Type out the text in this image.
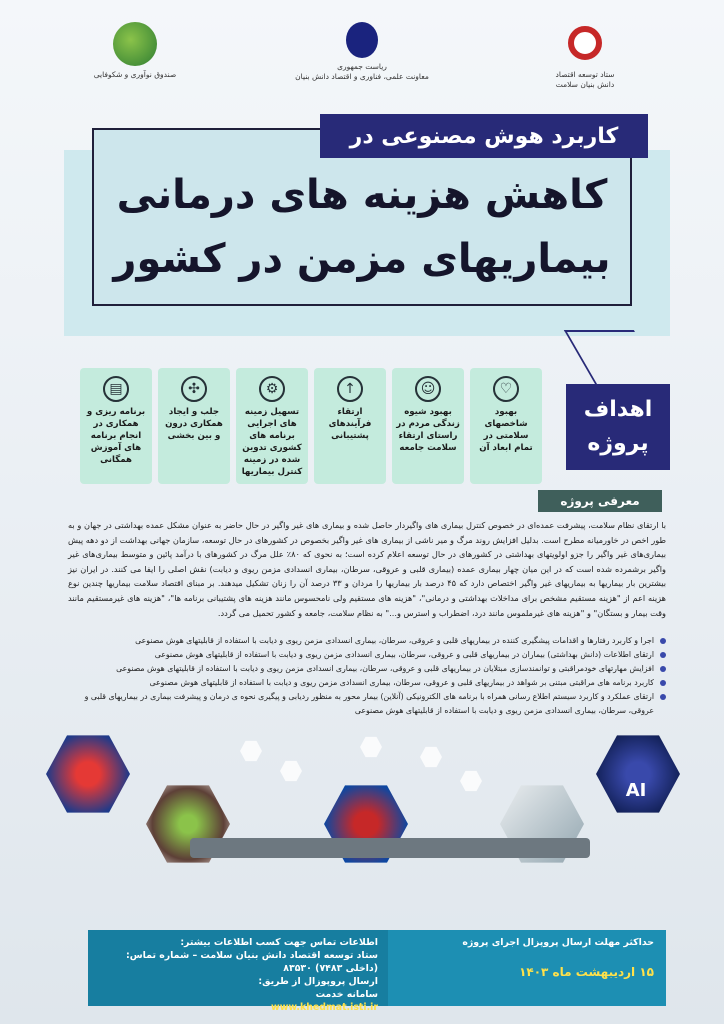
صندوق نوآوری و شکوفایی
ریاست جمهوری
معاونت علمی، فناوری و اقتصاد دانش بنیان	ستاد توسعه اقتصاد
دانش بنیان سلامت
کاربرد هوش مصنوعی در
کاهش هزینه های درمانی
بیماریهای مزمن در کشور
اهداف
پروژه
♡
بهبود شاخصهای سلامتی در تمام ابعاد آن
☺
بهبود شیوه زندگی مردم در راستای ارتقاء سلامت جامعه
↑
ارتقاء فرآیندهای پشتیبانی
⚙
تسهیل زمینه های اجرایی برنامه های کشوری تدوین شده در زمینه کنترل بیماریها
✣
جلب و ایجاد همکاری درون و بین بخشی
▤
برنامه ریزی و همکاری در انجام برنامه های آموزش همگانی
معرفی پروژه

با ارتقای نظام سلامت، پیشرفت عمده‌ای در خصوص کنترل بیماری های واگیردار حاصل شده و بیماری های غیر واگیر در حال حاضر به عنوان مشکل عمده بهداشتی در جهان و به طور اخص در خاورمیانه مطرح است. بدلیل افزایش روند مرگ و میر ناشی از بیماری های غیر واگیر بخصوص در کشورهای در حال توسعه، سازمان جهانی بهداشت از دو دهه پیش بیماری‌های غیر واگیر را جزو اولویتهای بهداشتی در کشورهای در حال توسعه اعلام کرده است؛ به نحوی که ۸۰٪ علل مرگ در کشورهای با درآمد پائین و متوسط بیماری‌های غیر واگیر برشمرده شده است که در این میان چهار بیماری عمده (بیماری قلبی و عروقی، سرطان، بیماری انسدادی مزمن ریوی و دیابت) نقش اصلی را ایفا می کنند. در ایران نیز بیشترین بار بیماریها به بیماریهای غیر واگیر اختصاص دارد که ۴۵ درصد بار بیماریها را مردان و ۳۳ درصد آن را زنان تشکیل میدهند. بر مبنای اقتصاد سلامت بیماریها چندین نوع هزینه اعم از "هزینه مستقیم مشخص برای مداخلات بهداشتی و درمانی"، "هزینه های مستقیم ولی نامحسوس مانند هزینه های پشتیبانی برنامه ها"، "هزینه های غیرمستقیم مانند وقت بیمار و بستگان" و "هزینه های غیرملموس مانند درد، اضطراب و استرس و..." به نظام سلامت، جامعه و کشور تحمیل می گردد.

اجرا و کاربرد رفتارها و اقدامات پیشگیری کننده در بیماریهای قلبی و عروقی، سرطان، بیماری انسدادی مزمن ریوی و دیابت با استفاده از قابلیتهای هوش مصنوعی
ارتقای اطلاعات (دانش بهداشتی) بیماران در بیماریهای قلبی و عروقی، سرطان، بیماری انسدادی مزمن ریوی و دیابت با استفاده از قابلیتهای هوش مصنوعی
افزایش مهارتهای خودمراقبتی و توانمندسازی مبتلایان در بیماریهای قلبی و عروقی، سرطان، بیماری انسدادی مزمن ریوی و دیابت با استفاده از قابلیتهای هوش مصنوعی
کاربرد برنامه های مراقبتی مبتنی بر شواهد در بیماریهای قلبی و عروقی، سرطان، بیماری انسدادی مزمن ریوی و دیابت با استفاده از قابلیتهای هوش مصنوعی
ارتقای عملکرد و کاربرد سیستم اطلاع رسانی همراه با برنامه های الکترونیکی (آنلاین) بیمار محور به منظور ردیابی و پیگیری نحوه ی درمان و پیشرفت بیماری در بیماریهای قلبی و عروقی، سرطان، بیماری انسدادی مزمن ریوی و دیابت با استفاده از قابلیتهای هوش مصنوعی
AI
حداکثر مهلت ارسال پروپزال اجرای پروژه
۱۵ اردیبهشت ماه ۱۴۰۳
اطلاعات تماس جهت کسب اطلاعات بیشتر:
ستاد توسعه اقتصاد دانش بنیان سلامت – شماره تماس: (داخلی ۷۴۸۳) ۸۳۵۳۰
ارسال پروپوزال از طریق:
سامانه خدمت
www.khedmat.isti.ir
